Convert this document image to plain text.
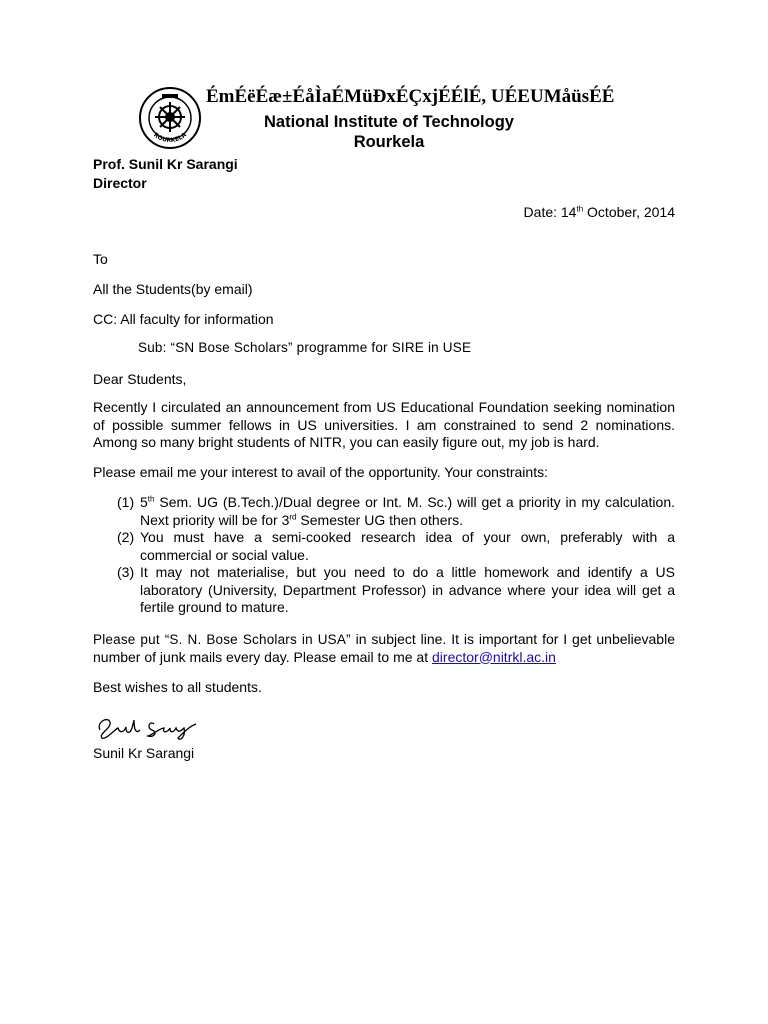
ROURKELA
ÉmÉëÉæ±ÉåÌaÉMüÐxÉÇxjÉÉlÉ, UÉEUMåüsÉÉ
National Institute of Technology
Rourkela
Prof. Sunil Kr Sarangi
Director
Date: 14th October, 2014
To
All the Students(by email)
CC: All faculty for information
Sub: “SN Bose Scholars” programme for SIRE in USE
Dear Students,
Recently I circulated an announcement from US Educational Foundation seeking nomination of possible summer fellows in US universities. I am constrained to send 2 nominations. Among so many bright students of NITR, you can easily figure out, my job is hard.
Please email me your interest to avail of the opportunity. Your constraints:
(1) 5th Sem. UG (B.Tech.)/Dual degree or Int. M. Sc.) will get a priority in my calculation. Next priority will be for 3rd Semester UG then others.
(2) You must have a semi-cooked research idea of your own, preferably with a commercial or social value.
(3) It may not materialise, but you need to do a little homework and identify a US laboratory (University, Department Professor) in advance where your idea will get a fertile ground to mature.
Please put “S. N. Bose Scholars in USA” in subject line. It is important for I get unbelievable number of junk mails every day. Please email to me at director@nitrkl.ac.in
Best wishes to all students.
Sunil Kr Sarangi
